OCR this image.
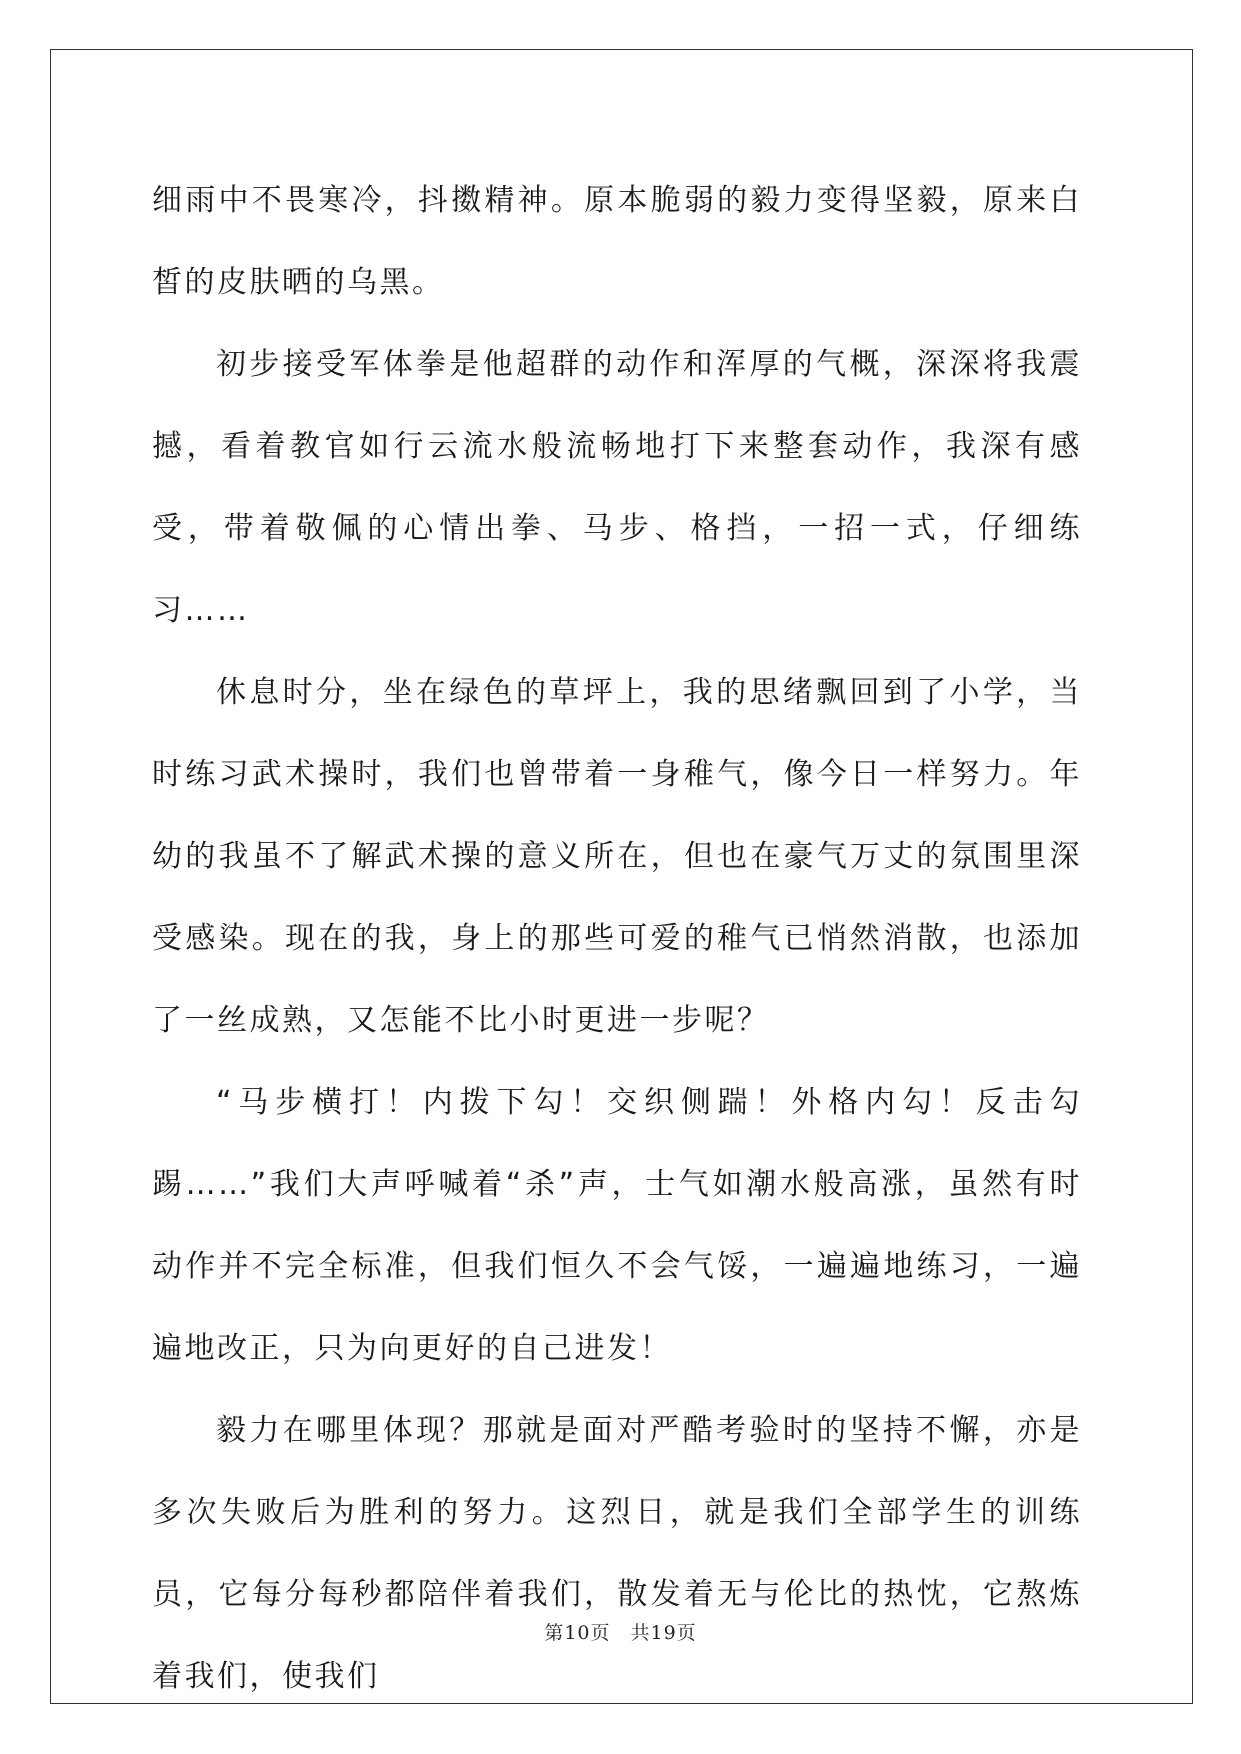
细雨中不畏寒冷，抖擞精神。原本脆弱的毅力变得坚毅，原来白皙的皮肤晒的乌黑。

初步接受军体拳是他超群的动作和浑厚的气概，深深将我震撼，看着教官如行云流水般流畅地打下来整套动作，我深有感受，带着敬佩的心情出拳、马步、格挡，一招一式，仔细练习……

休息时分，坐在绿色的草坪上，我的思绪飘回到了小学，当时练习武术操时，我们也曾带着一身稚气，像今日一样努力。年幼的我虽不了解武术操的意义所在，但也在豪气万丈的氛围里深受感染。现在的我，身上的那些可爱的稚气已悄然消散，也添加了一丝成熟，又怎能不比小时更进一步呢？

“马步横打！内拨下勾！交织侧踹！外格内勾！反击勾踢……”我们大声呼喊着“杀”声，士气如潮水般高涨，虽然有时动作并不完全标准，但我们恒久不会气馁，一遍遍地练习，一遍遍地改正，只为向更好的自己进发！

毅力在哪里体现？那就是面对严酷考验时的坚持不懈，亦是多次失败后为胜利的努力。这烈日，就是我们全部学生的训练员，它每分每秒都陪伴着我们，散发着无与伦比的热忱，它熬炼着我们，使我们

第10页 共19页
